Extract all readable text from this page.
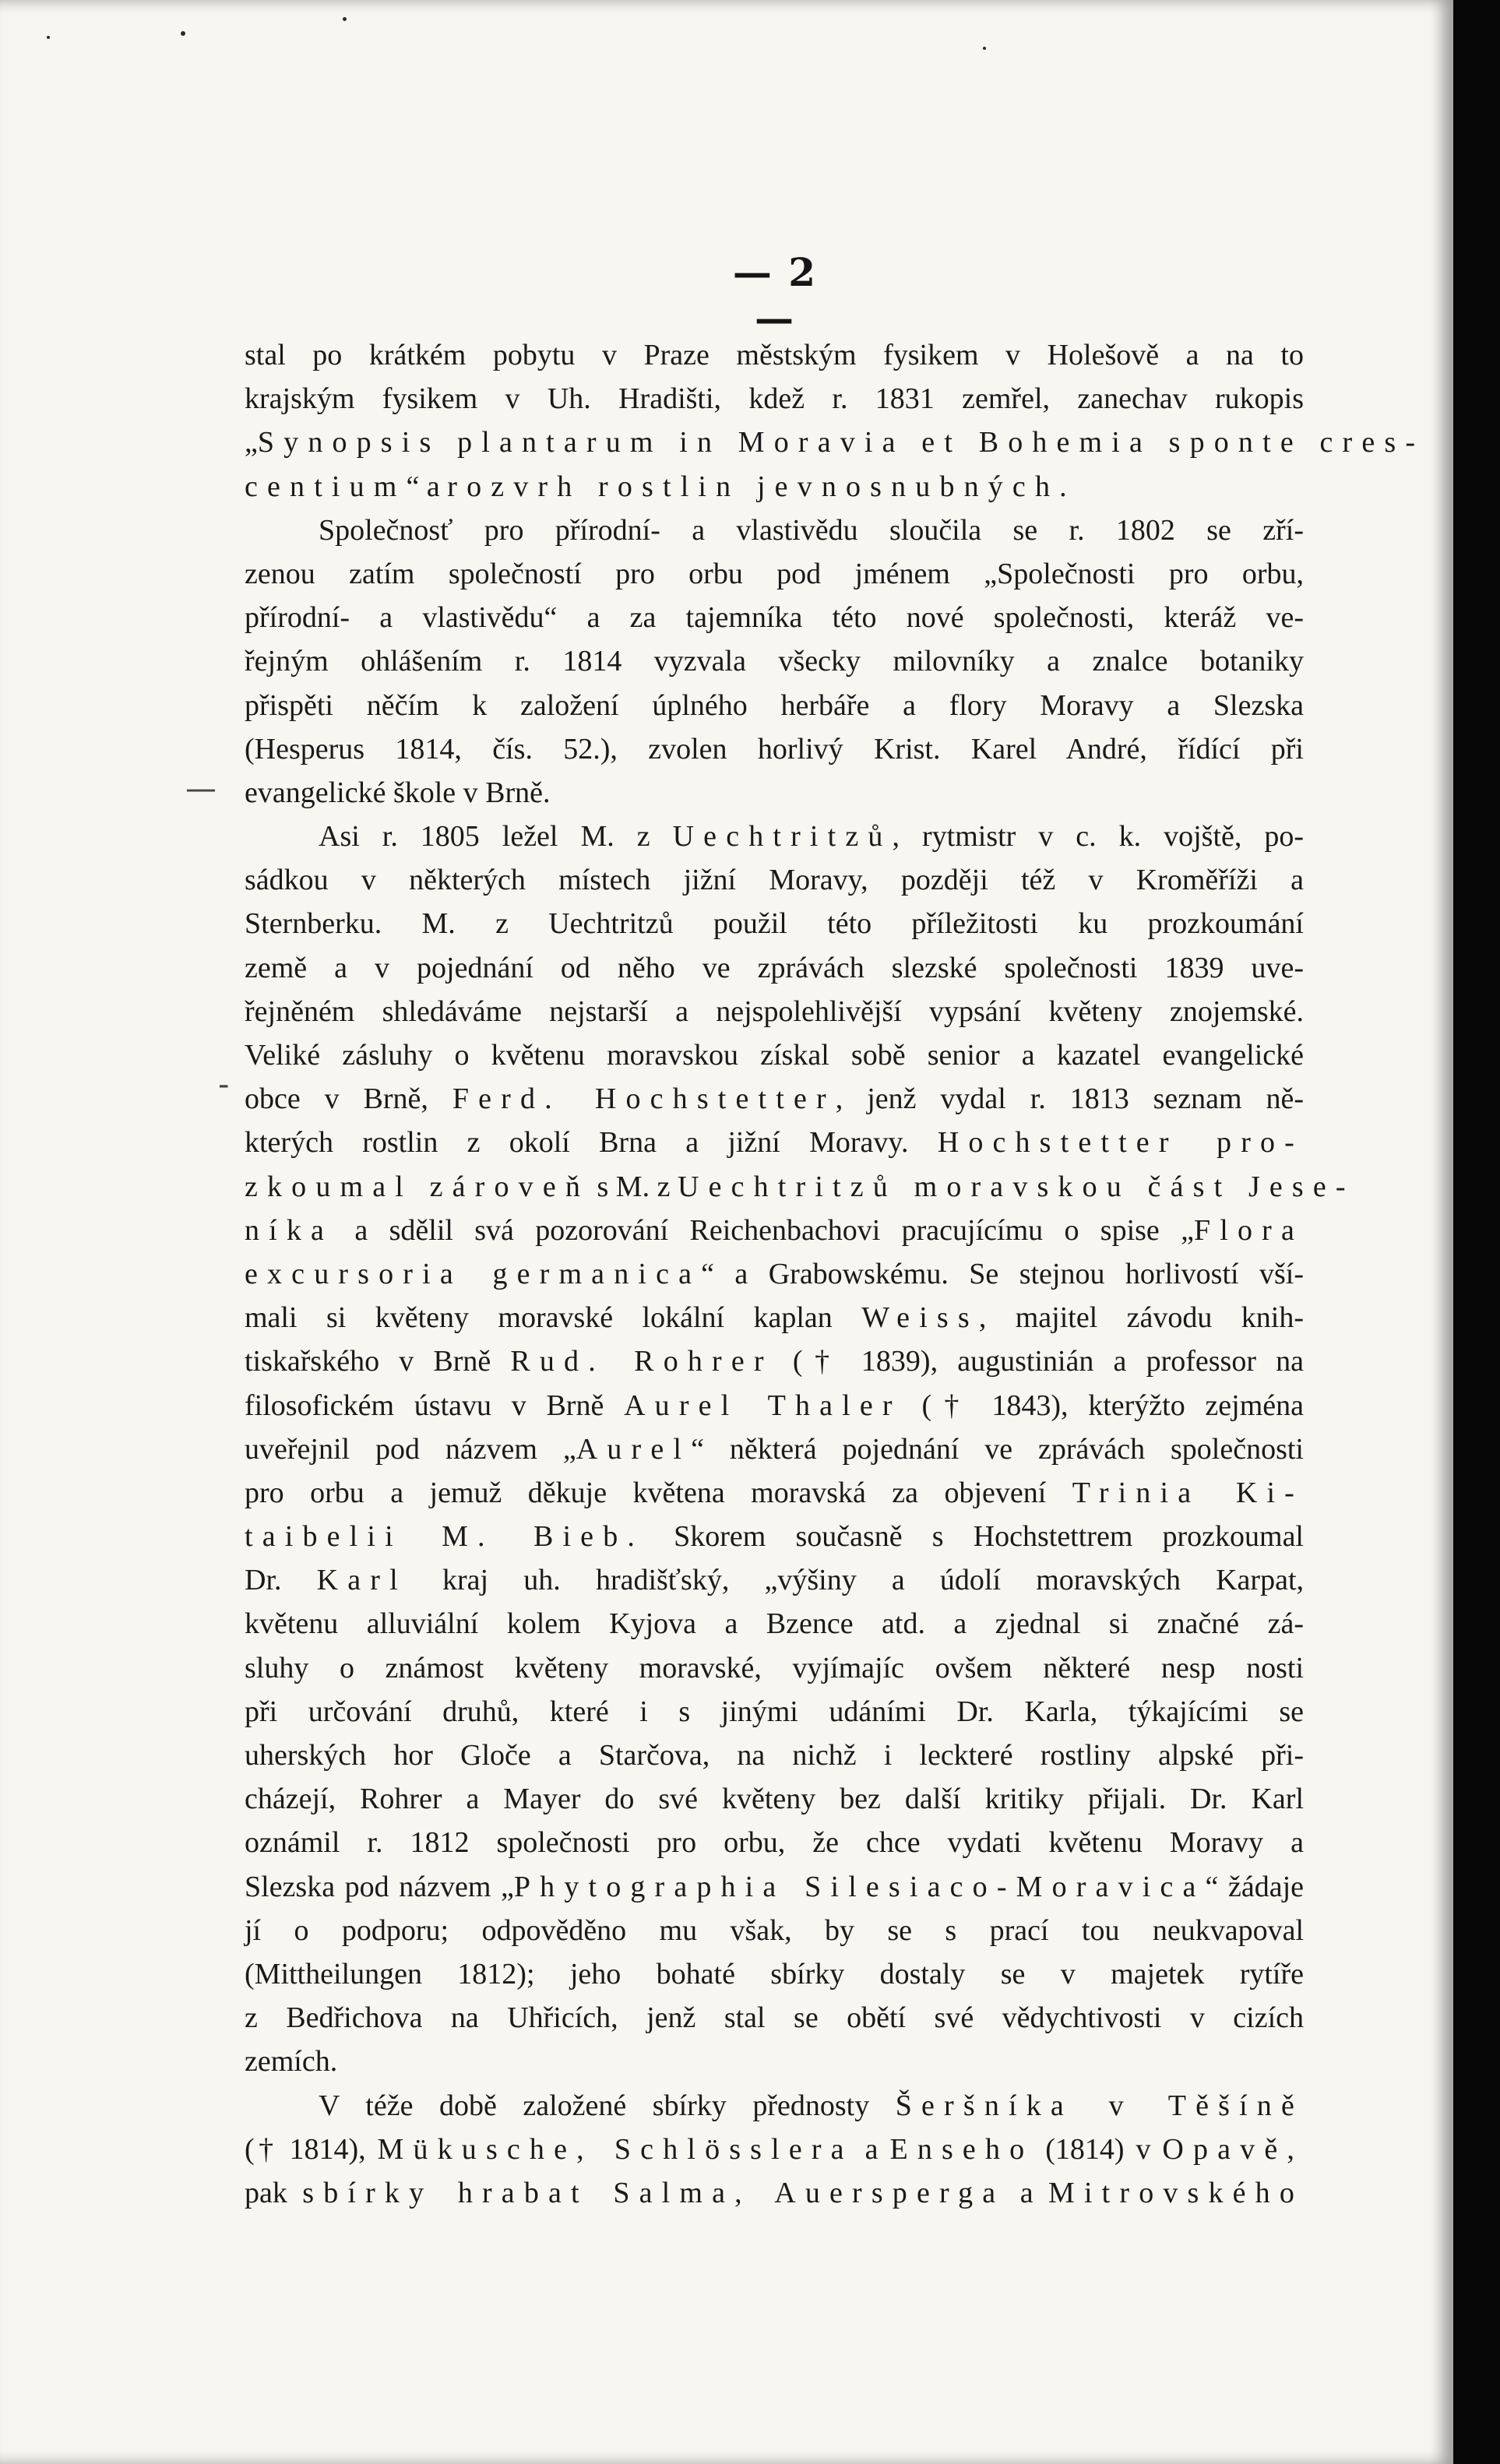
— 2 —
—
-
stal po krátkém pobytu v Praze městským fysikem v Holešově a na to
krajským fysikem v Uh. Hradišti, kdež r. 1831 zemřel, zanechav rukopis
„Synopsis plantarum in Moravia et Bohemia sponte cres-
centium“ a rozvrh rostlin jevnosnubných.
Společnosť pro přírodní- a vlastivědu sloučila se r. 1802 se zří-
zenou zatím společností pro orbu pod jménem „Společnosti pro orbu,
přírodní- a vlastivědu“ a za tajemníka této nové společnosti, kteráž ve-
řejným ohlášením r. 1814 vyzvala všecky milovníky a znalce botaniky
přispěti něčím k založení úplného herbáře a flory Moravy a Slezska
(Hesperus 1814, čís. 52.), zvolen horlivý Krist. Karel André, řídící při
evangelické škole v Brně.
Asi r. 1805 ležel M. z Uechtritzů, rytmistr v c. k. vojště, po-
sádkou v některých místech jižní Moravy, později též v Kroměříži a
Sternberku. M. z Uechtritzů použil této příležitosti ku prozkoumání
země a v pojednání od něho ve zprávách slezské společnosti 1839 uve-
řejněném shledáváme nejstarší a nejspolehlivější vypsání květeny znojemské.
Veliké zásluhy o květenu moravskou získal sobě senior a kazatel evangelické
obce v Brně, Ferd. Hochstetter, jenž vydal r. 1813 seznam ně-
kterých rostlin z okolí Brna a jižní Moravy. Hochstetter pro-
zkoumal zároveň s M. z Uechtritzů moravskou část Jese-
níka a sdělil svá pozorování Reichenbachovi pracujícímu o spise „Flora
excursoria germanica“ a Grabowskému. Se stejnou horlivostí vší-
mali si květeny moravské lokální kaplan Weiss, majitel závodu knih-
tiskařského v Brně Rud. Rohrer († 1839), augustinián a professor na
filosofickém ústavu v Brně Aurel Thaler († 1843), kterýžto zejména
uveřejnil pod názvem „Aurel“ některá pojednání ve zprávách společnosti
pro orbu a jemuž děkuje květena moravská za objevení Trinia Ki-
taibelii M. Bieb. Skorem současně s Hochstettrem prozkoumal
Dr. Karl kraj uh. hradišťský, „výšiny a údolí moravských Karpat,
květenu alluviální kolem Kyjova a Bzence atd. a zjednal si značné zá-
sluhy o známost květeny moravské, vyjímajíc ovšem některé nesp nosti
při určování druhů, které i s jinými udáními Dr. Karla, týkajícími se
uherských hor Gloče a Starčova, na nichž i leckteré rostliny alpské při-
cházejí, Rohrer a Mayer do své květeny bez další kritiky přijali. Dr. Karl
oznámil r. 1812 společnosti pro orbu, že chce vydati květenu Moravy a
Slezska pod názvem „Phytographia Silesiaco-Moravica“ žádaje
jí o podporu; odpověděno mu však, by se s prací tou neukvapoval
(Mittheilungen 1812); jeho bohaté sbírky dostaly se v majetek rytíře
z Bedřichova na Uhřicích, jenž stal se obětí své vědychtivosti v cizích
zemích.
V téže době založené sbírky přednosty Šeršníka v Těšíně
(† 1814), Mükusche, Schlösslera a Enseho (1814) v Opavě,
pak sbírky hrabat Salma, Auersperga a Mitrovského
